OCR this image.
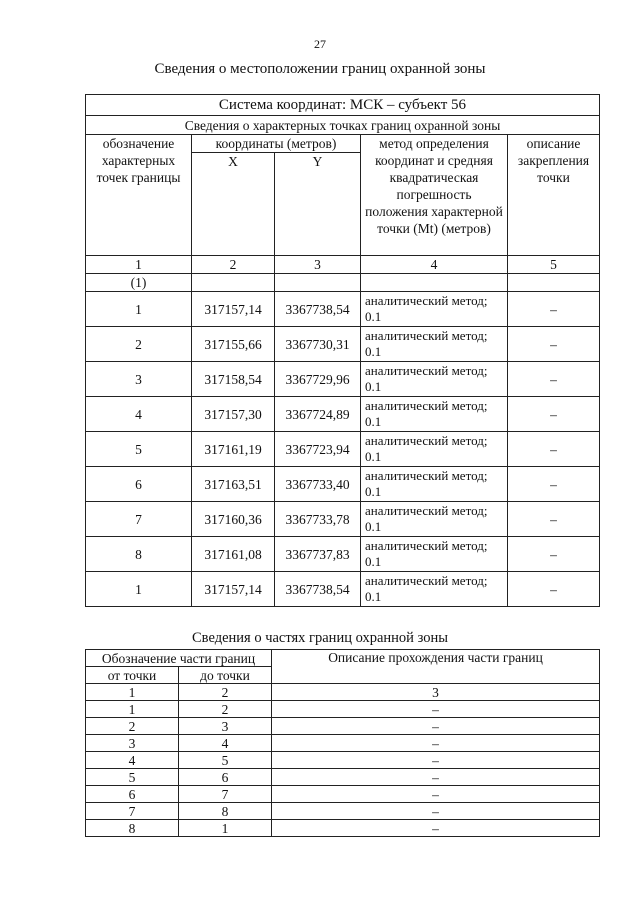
27
Сведения о местоположении границ охранной зоны
Система координат: МСК – субъект 56				
Сведения о характерных точках границ охранной зоны				
обозначение характерных точек границы	координаты (метров)		метод определения координат и средняя квадратическая погрешность положения характерной точки (Mt) (метров)	описание закрепления точки
	X	Y		
1	2	3	4	5
(1)				
1	317157,14	3367738,54	аналитический метод; 0.1	–
2	317155,66	3367730,31	аналитический метод; 0.1	–
3	317158,54	3367729,96	аналитический метод; 0.1	–
4	317157,30	3367724,89	аналитический метод; 0.1	–
5	317161,19	3367723,94	аналитический метод; 0.1	–
6	317163,51	3367733,40	аналитический метод; 0.1	–
7	317160,36	3367733,78	аналитический метод; 0.1	–
8	317161,08	3367737,83	аналитический метод; 0.1	–
1	317157,14	3367738,54	аналитический метод; 0.1	–
Сведения о частях границ охранной зоны
Обозначение части границ		Описание прохождения части границ
от точки	до точки	
1	2	3
1	2	–
2	3	–
3	4	–
4	5	–
5	6	–
6	7	–
7	8	–
8	1	–
